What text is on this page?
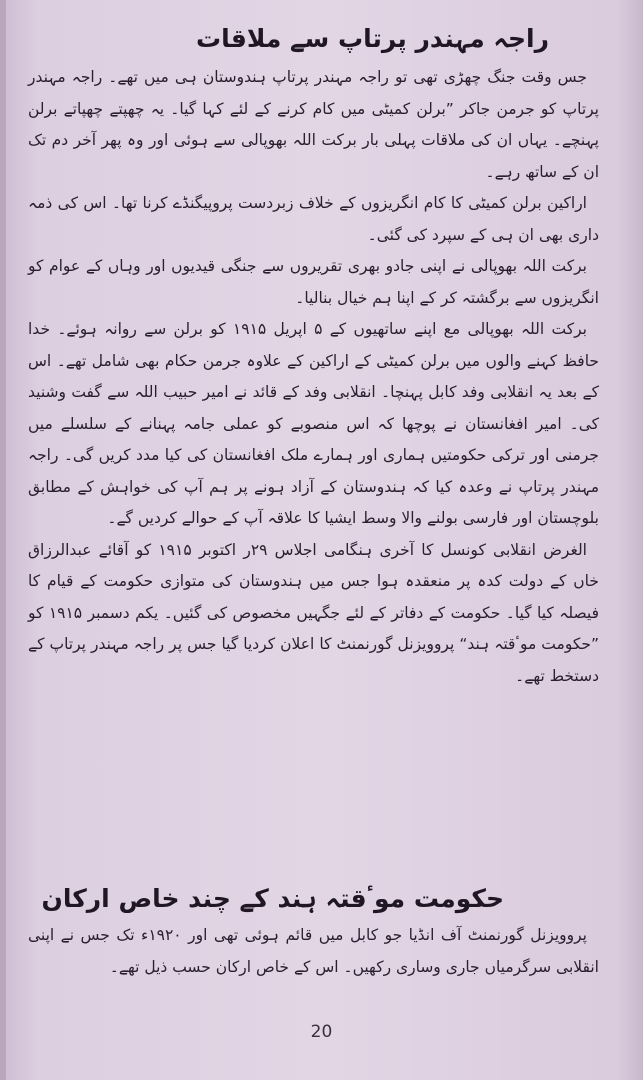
راجہ مہندر پرتاپ سے ملاقات

جس وقت جنگ چھڑی تھی تو راجہ مہندر پرتاپ ہندوستان ہی میں تھے۔ راجہ مہندر پرتاپ کو جرمن جاکر ”برلن کمیٹی میں کام کرنے کے لئے کہا گیا۔ یہ چھپتے چھپاتے برلن پہنچے۔ یہاں ان کی ملاقات پہلی بار برکت اللہ بھوپالی سے ہوئی اور وہ پھر آخر دم تک ان کے ساتھ رہے۔

اراکین برلن کمیٹی کا کام انگریزوں کے خلاف زبردست پروپیگنڈے کرنا تھا۔ اس کی ذمہ داری بھی ان ہی کے سپرد کی گئی۔

برکت اللہ بھوپالی نے اپنی جادو بھری تقریروں سے جنگی قیدیوں اور وہاں کے عوام کو انگریزوں سے برگشتہ کر کے اپنا ہم خیال بنالیا۔

برکت اللہ بھوپالی مع اپنے ساتھیوں کے ۵ اپریل ۱۹۱۵ کو برلن سے روانہ ہوئے۔ خدا حافظ کہنے والوں میں برلن کمیٹی کے اراکین کے علاوہ جرمن حکام بھی شامل تھے۔ اس کے بعد یہ انقلابی وفد کابل پہنچا۔ انقلابی وفد کے قائد نے امیر حبیب اللہ سے گفت وشنید کی۔ امیر افغانستان نے پوچھا کہ اس منصوبے کو عملی جامہ پہنانے کے سلسلے میں جرمنی اور ترکی حکومتیں ہماری اور ہمارے ملک افغانستان کی کیا مدد کریں گی۔ راجہ مہندر پرتاپ نے وعدہ کیا کہ ہندوستان کے آزاد ہونے پر ہم آپ کی خواہش کے مطابق بلوچستان اور فارسی بولنے والا وسط ایشیا کا علاقہ آپ کے حوالے کردیں گے۔

الغرض انقلابی کونسل کا آخری ہنگامی اجلاس ۲۹ر اکتوبر ۱۹۱۵ کو آقائے عبدالرزاق خاں کے دولت کدہ پر منعقدہ ہوا جس میں ہندوستان کی متوازی حکومت کے قیام کا فیصلہ کیا گیا۔ حکومت کے دفاتر کے لئے جگہیں مخصوص کی گئیں۔ یکم دسمبر ۱۹۱۵ کو ”حکومت موٴقتہ ہند“ پروویزنل گورنمنٹ کا اعلان کردیا گیا جس پر راجہ مہندر پرتاپ کے دستخط تھے۔

حکومت موٴقتہ ہند کے چند خاص ارکان

پروویزنل گورنمنٹ آف انڈیا جو کابل میں قائم ہوئی تھی اور ۱۹۲۰ء تک جس نے اپنی انقلابی سرگرمیاں جاری وساری رکھیں۔ اس کے خاص ارکان حسب ذیل تھے۔

20
